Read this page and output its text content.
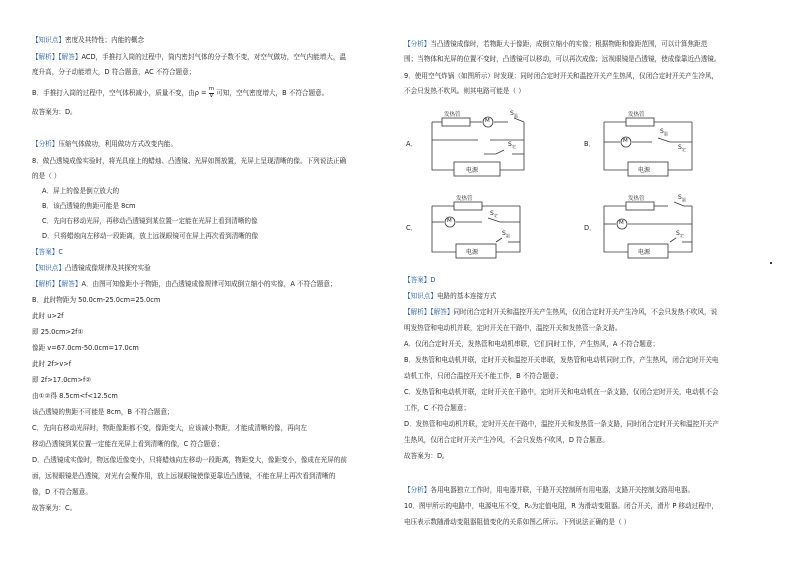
【知识点】密度及其特性；内能的概念
【解析】【解答】ACD，手推打入筒的过程中，筒内密封气体的分子数不变，对空气做功，空气内能增大，温
度升高，分子动能增大，D 符合题意，AC 不符合题意；
B．手推打入筒的过程中，空气体积减小，质量不变，由$\rho = \frac{m}{V}$ 可知，空气密度增大，B 不符合题意。
故答案为：D。
【分析】压缩气体做功，利用做功方式改变内能。
8．做凸透镜成像实验时，将光具座上的蜡烛、凸透镜、光屏如图放置，光屏上呈现清晰的像。下列说法正确
的是（ ）
A．屏上的像是倒立放大的
B．该凸透镜的焦距可能是 8cm
C．先向右移动光屏，再移动凸透镜到某位置一定能在光屏上看到清晰的像
D．只将蜡烛向左移动一段距离，放上远视眼镜可在屏上再次看到清晰的像
【答案】C
【知识点】凸透镜成像规律及其探究实验
【解析】【解答】A．由图可知像距小于物距，由凸透镜成像规律可知成倒立缩小的实像，A 不符合题意；
B．此时物距为 50.0cm-25.0cm=25.0cm
此时 u>2f
即 25.0cm>2f①
像距 v=67.0cm-50.0cm=17.0cm
此时 2f>v>f
即 2f>17.0cm>f②
由①②得 8.5cm<f<12.5cm
该凸透镜的焦距不可能是 8cm，B 不符合题意；
C．先向右移动光屏时，物距像距都不变，像距变大，应该减小物距，才能成清晰的像，再向左
移动凸透镜到某位置一定能在光屏上看到清晰的像，C 符合题意；
D．凸透镜成实像时，物远像近像变小，只将蜡烛向左移动一段距离，物距变大，像距变小，像成在光屏的前
面，远视眼镜是凸透镜，对光有会聚作用，放上远视眼镜使像更靠近凸透镜，不能在屏上再次看到清晰的
像，D 不符合题意。
故答案为：C。
【分析】当凸透镜成像时，若物距大于像距，成倒立缩小的实像；根据物距和像距范围，可以计算焦距范
围；当物体和光屏的位置不变时，凸透镜可以移动，可以再次成像；远视眼镜是凸透镜，使成像靠近凸透镜。
9．使用空气炸锅（如图所示）时发现：同时闭合定时开关和温控开关产生热风，仅闭合定时开关产生冷风，
不会只发热不吹风。则其电路可能是（ ）
【答案】D
【知识点】电路的基本连接方式
【解析】【解答】同时闭合定时开关和温控开关产生热风，仅闭合定时开关产生冷风，不会只发热不吹风，说
明发热管和电动机并联，定时开关在干路中，温控开关和发热管一条支路。
A．仅闭合定时开关，发热管和电动机串联，它们同时工作，产生热风，A 不符合题意；
B．发热管和电动机并联，定时开关和温控开关串联，发热管和电动机同时工作，产生热风，闭合定时开关电
动机工作，只闭合温控开关不能工作，B 不符合题意；
C．发热管和电动机并联，定时开关在干路中，定时开关和电动机在一条支路，仅闭合定时开关，电动机不会
工作，C 不符合题意；
D．发热管和电动机并联，定时开关在干路中，温控开关和发热管一条支路，同时闭合定时开关和温控开关产
生热风，仅闭合定时开关产生冷风，不会只发热不吹风，D 符合题意。
故答案为：D。
【分析】各用电器独立工作时，用电器并联，干路开关控制所有用电器，支路开关控制支路用电器。
10．图甲所示的电路中，电源电压不变，R₀为定值电阻，R 为滑动变阻器。闭合开关，滑片 P 移动过程中，
电压表示数随滑动变阻器阻值变化的关系如图乙所示。下列说法正确的是（ ）
A．	B．
C．	D．
发热管
M
电源
$S_定$
$S_温$	发热管
M
电源
$S_温$
$S_定$
发热管
M
电源
$S_定$
$S_温$
发热管
M
电源
$S_温$
$S_定$
